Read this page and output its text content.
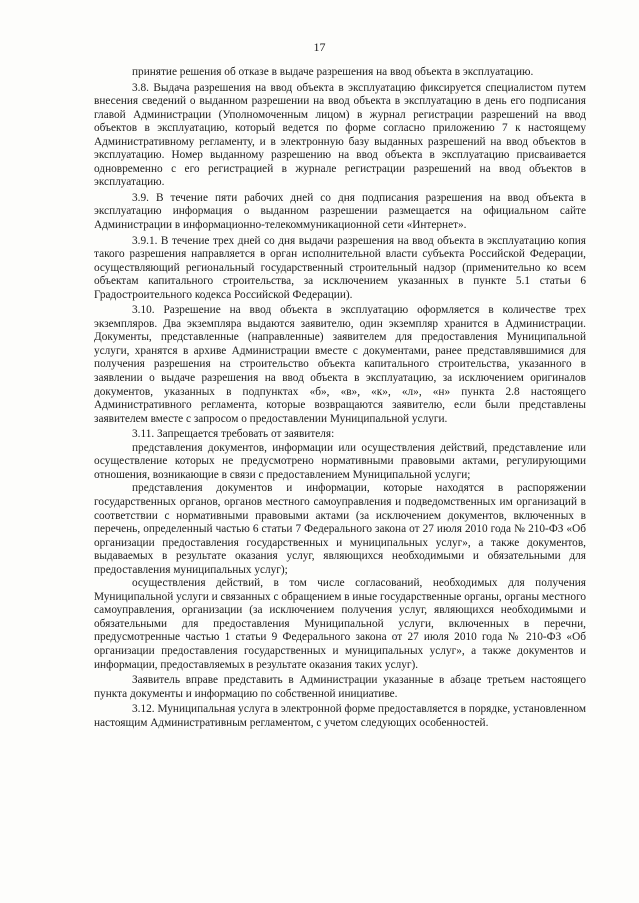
17

принятие решения об отказе в выдаче разрешения на ввод объекта в эксплуатацию.

3.8. Выдача разрешения на ввод объекта в эксплуатацию фиксируется специалистом путем внесения сведений о выданном разрешении на ввод объекта в эксплуатацию в день его подписания главой Администрации (Уполномоченным лицом) в журнал регистрации разрешений на ввод объектов в эксплуатацию, который ведется по форме согласно приложению 7 к настоящему Административному регламенту, и в электронную базу выданных разрешений на ввод объектов в эксплуатацию. Номер выданному разрешению на ввод объекта в эксплуатацию присваивается одновременно с его регистрацией в журнале регистрации разрешений на ввод объектов в эксплуатацию.

3.9. В течение пяти рабочих дней со дня подписания разрешения на ввод объекта в эксплуатацию информация о выданном разрешении размещается на официальном сайте Администрации в информационно-телекоммуникационной сети «Интернет».

3.9.1. В течение трех дней со дня выдачи разрешения на ввод объекта в эксплуатацию копия такого разрешения направляется в орган исполнительной власти субъекта Российской Федерации, осуществляющий региональный государственный строительный надзор (применительно ко всем объектам капитального строительства, за исключением указанных в пункте 5.1 статьи 6 Градостроительного кодекса Российской Федерации).

3.10. Разрешение на ввод объекта в эксплуатацию оформляется в количестве трех экземпляров. Два экземпляра выдаются заявителю, один экземпляр хранится в Администрации. Документы, представленные (направленные) заявителем для предоставления Муниципальной услуги, хранятся в архиве Администрации вместе с документами, ранее представлявшимися для получения разрешения на строительство объекта капитального строительства, указанного в заявлении о выдаче разрешения на ввод объекта в эксплуатацию, за исключением оригиналов документов, указанных в подпунктах «б», «в», «к», «л», «н» пункта 2.8 настоящего Административного регламента, которые возвращаются заявителю, если были представлены заявителем вместе с запросом о предоставлении Муниципальной услуги.

3.11. Запрещается требовать от заявителя:

представления документов, информации или осуществления действий, представление или осуществление которых не предусмотрено нормативными правовыми актами, регулирующими отношения, возникающие в связи с предоставлением Муниципальной услуги;

представления документов и информации, которые находятся в распоряжении государственных органов, органов местного самоуправления и подведомственных им организаций в соответствии с нормативными правовыми актами (за исключением документов, включенных в перечень, определенный частью 6 статьи 7 Федерального закона от 27 июля 2010 года № 210-ФЗ «Об организации предоставления государственных и муниципальных услуг», а также документов, выдаваемых в результате оказания услуг, являющихся необходимыми и обязательными для предоставления муниципальных услуг);

осуществления действий, в том числе согласований, необходимых для получения Муниципальной услуги и связанных с обращением в иные государственные органы, органы местного самоуправления, организации (за исключением получения услуг, являющихся необходимыми и обязательными для предоставления Муниципальной услуги, включенных в перечни, предусмотренные частью 1 статьи 9 Федерального закона от 27 июля 2010 года № 210-ФЗ «Об организации предоставления государственных и муниципальных услуг», а также документов и информации, предоставляемых в результате оказания таких услуг).

Заявитель вправе представить в Администрации указанные в абзаце третьем настоящего пункта документы и информацию по собственной инициативе.

3.12. Муниципальная услуга в электронной форме предоставляется в порядке, установленном настоящим Административным регламентом, с учетом следующих особенностей.
